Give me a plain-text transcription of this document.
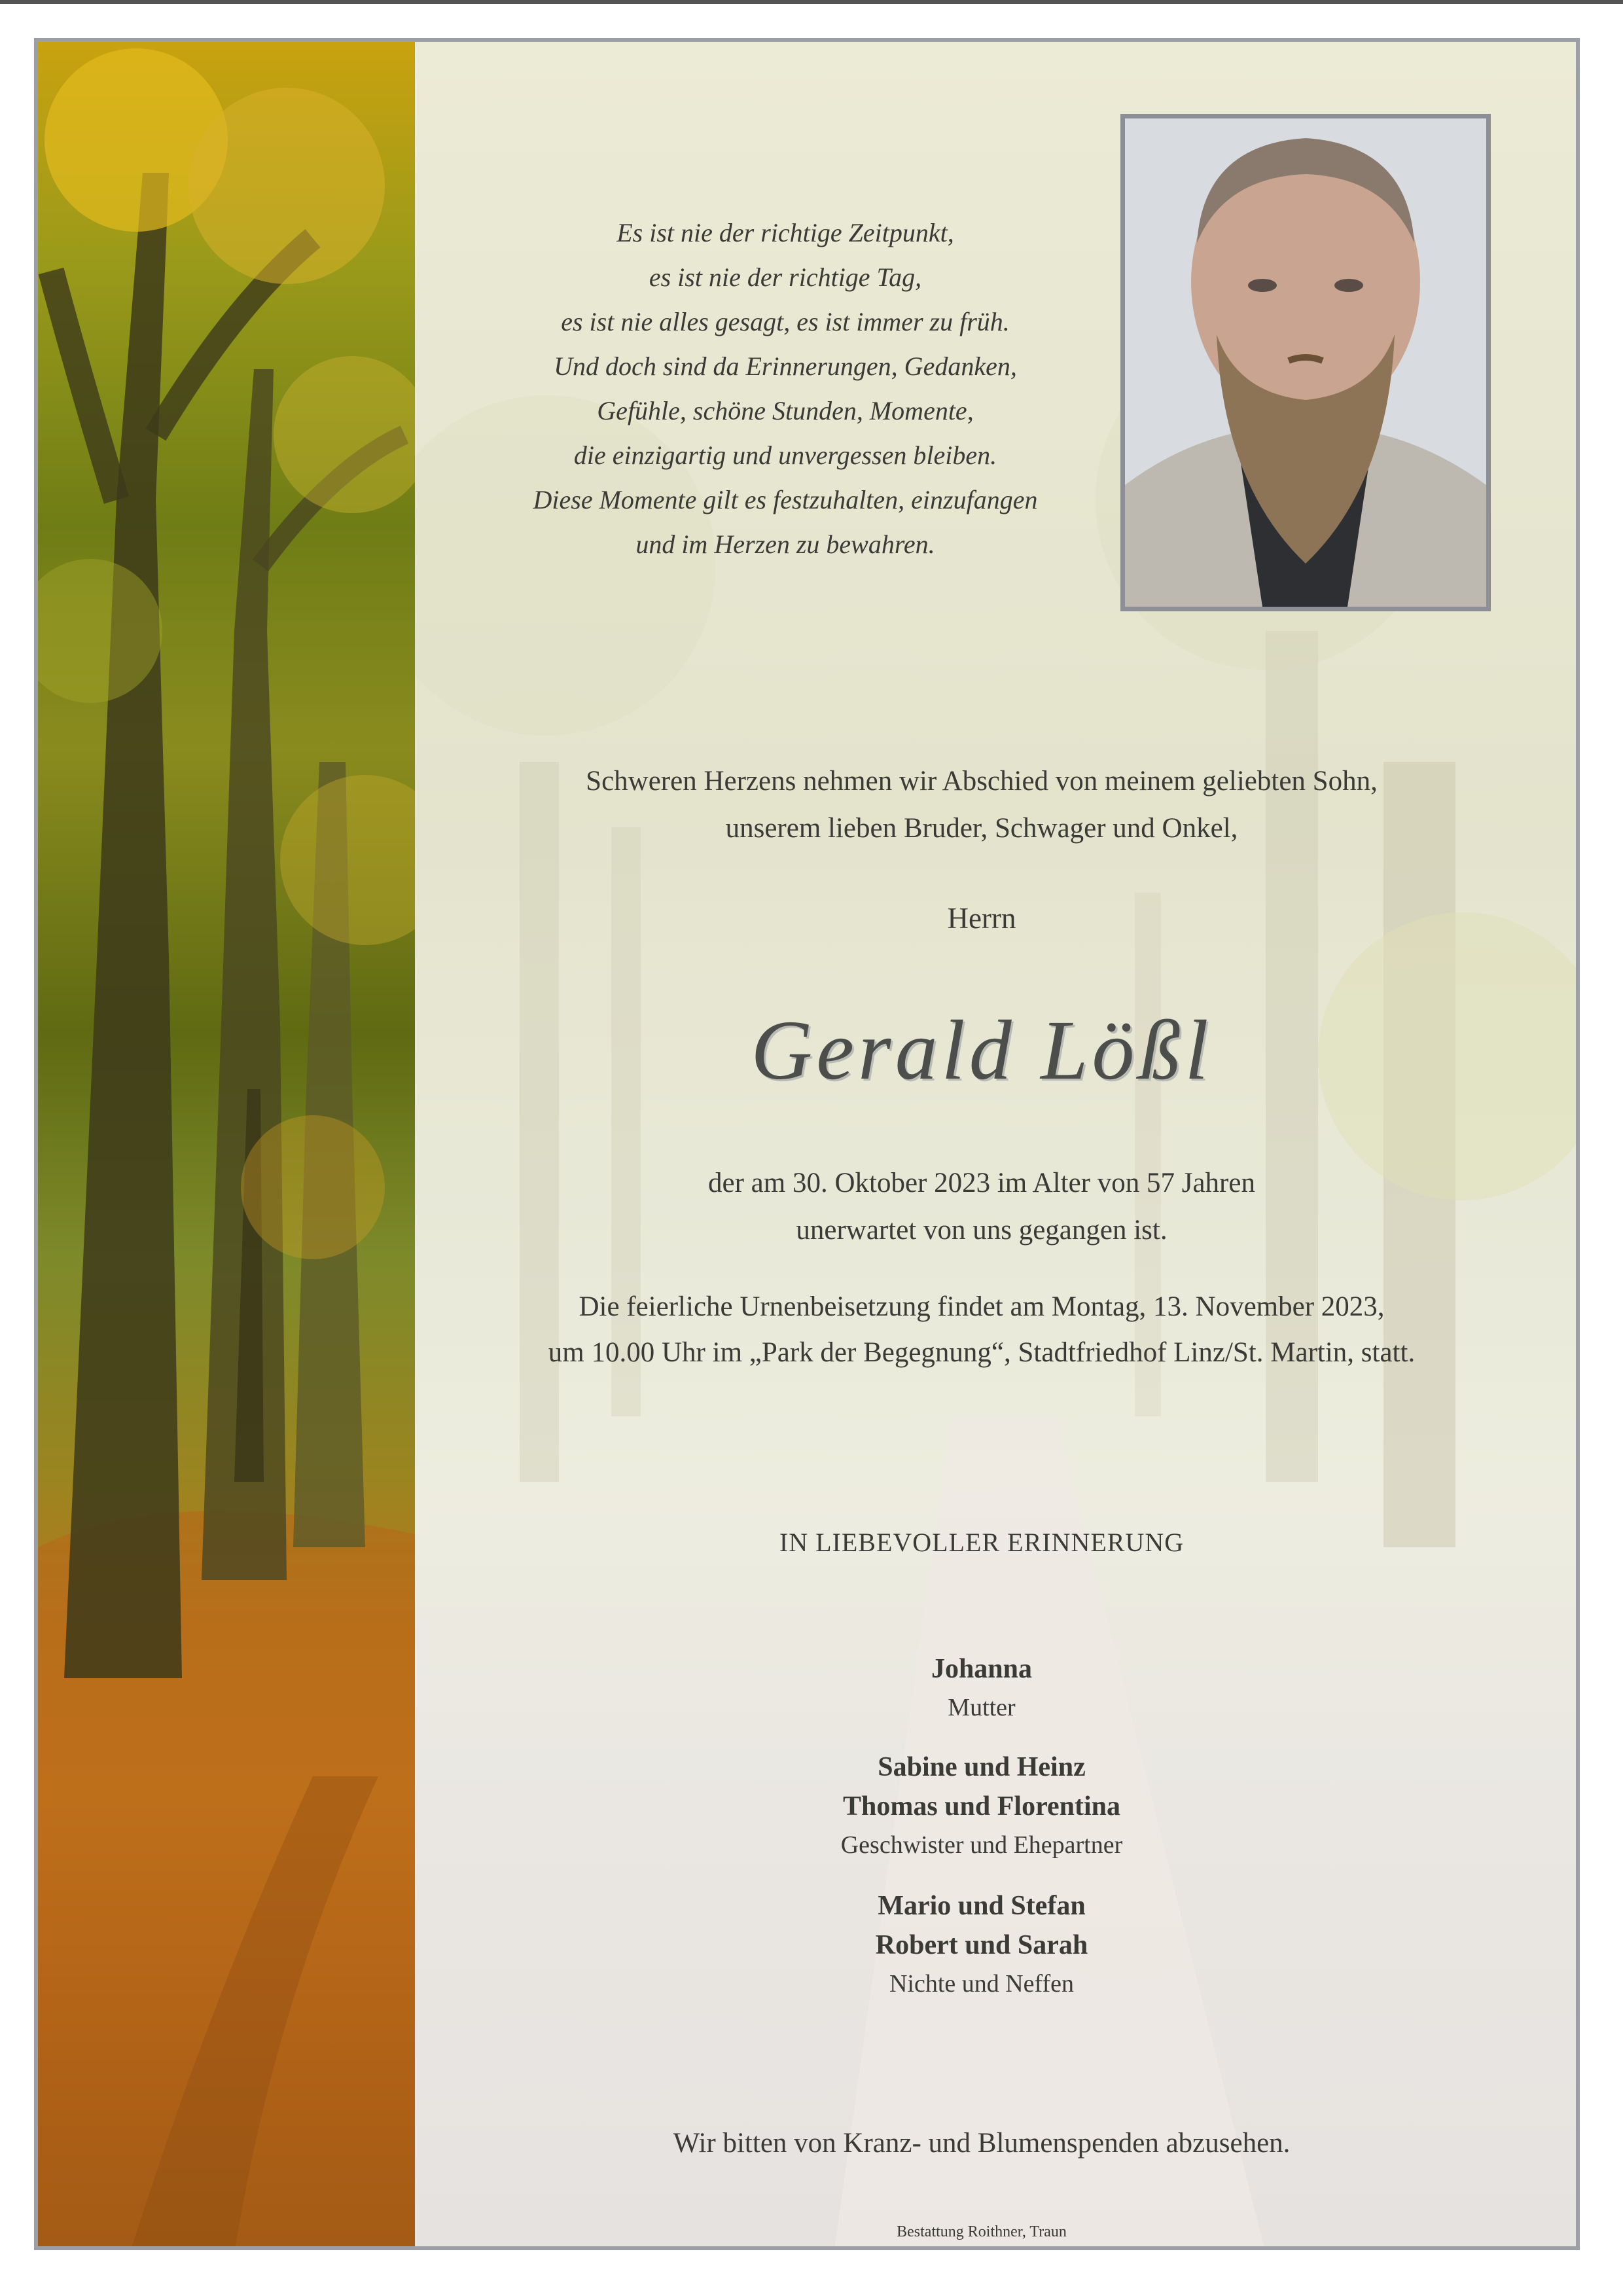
Es ist nie der richtige Zeitpunkt,
es ist nie der richtige Tag,
es ist nie alles gesagt, es ist immer zu früh.
Und doch sind da Erinnerungen, Gedanken,
Gefühle, schöne Stunden, Momente,
die einzigartig und unvergessen bleiben.
Diese Momente gilt es festzuhalten, einzufangen
und im Herzen zu bewahren.
Schweren Herzens nehmen wir Abschied von meinem geliebten Sohn,
unserem lieben Bruder, Schwager und Onkel,
Herrn
Gerald Lößl
der am 30. Oktober 2023 im Alter von 57 Jahren
unerwartet von uns gegangen ist.
Die feierliche Urnenbeisetzung findet am Montag, 13. November 2023,
um 10.00 Uhr im „Park der Begegnung“, Stadtfriedhof Linz/St. Martin, statt.
IN LIEBEVOLLER ERINNERUNG
Johanna
Mutter
Sabine und Heinz
Thomas und Florentina
Geschwister und Ehepartner
Mario und Stefan
Robert und Sarah
Nichte und Neffen
Wir bitten von Kranz- und Blumenspenden abzusehen.
Bestattung Roithner, Traun
